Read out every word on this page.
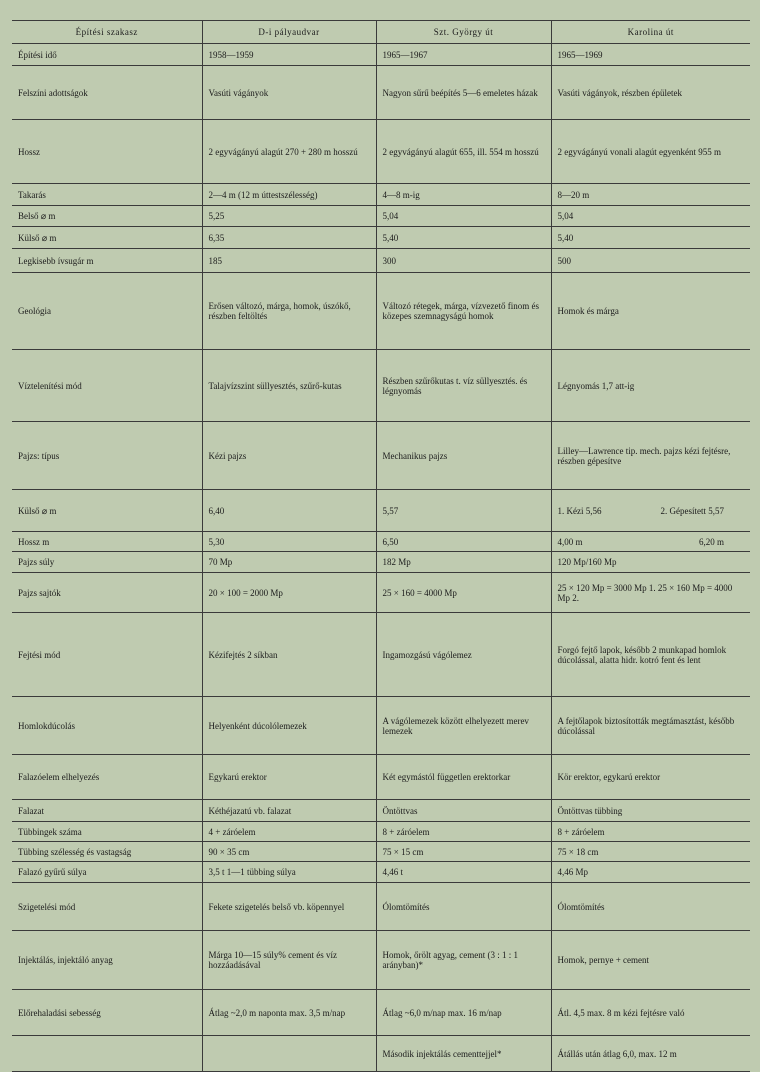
Építési szakasz	D-i pályaudvar	Szt. György út	Karolina út
Építési idő	1958—1959	1965—1967	1965—1969
Felszíni adottságok	Vasúti vágányok	Nagyon sűrű beépítés 5—6 emeletes házak	Vasúti vágányok, részben épületek
Hossz	2 egyvágányú alagút 270 + 280 m hosszú	2 egyvágányú alagút 655, ill. 554 m hosszú	2 egyvágányú vonali alagút egyenként 955 m
Takarás	2—4 m (12 m úttestszélesség)	4—8 m-ig	8—20 m
Belső ⌀ m	5,25	5,04	5,04
Külső ⌀ m	6,35	5,40	5,40
Legkisebb ívsugár m	185	300	500
Geológia	Erősen változó, márga, homok, úszókő, részben feltöltés	Változó rétegek, márga, vízvezető finom és közepes szemnagyságú homok	Homok és márga
Víztelenítési mód	Talajvízszint süllyesztés, szűrő-kutas	Részben szűrőkutas t. víz süllyesztés. és légnyomás	Légnyomás 1,7 att-ig
Pajzs: típus	Kézi pajzs	Mechanikus pajzs	Lilley—Lawrence tip. mech. pajzs kézi fejtésre, részben gépesítve
Külső ⌀ m	6,40	5,57	1. Kézi 5,56 2. Gépesített 5,57

Hossz m	5,30	6,50	4,00 m 6,20 m

Pajzs súly	70 Mp	182 Mp	120 Mp/160 Mp
Pajzs sajtók	20 × 100 = 2000 Mp	25 × 160 = 4000 Mp	25 × 120 Mp = 3000 Mp 1. 25 × 160 Mp = 4000 Mp 2.
Fejtési mód	Kézifejtés 2 síkban	Ingamozgású vágólemez	Forgó fejtő lapok, később 2 munkapad homlok dúcolással, alatta hidr. kotró fent és lent
Homlokdúcolás	Helyenként dúcolólemezek	A vágólemezek között elhelyezett merev lemezek	A fejtőlapok biztosították megtámasztást, később dúcolással
Falazóelem elhelyezés	Egykarú erektor	Két egymástól független erektorkar	Kör erektor, egykarú erektor
Falazat	Kéthéjazatú vb. falazat	Öntöttvas	Öntöttvas tübbing
Tübbingek száma	4 + záróelem	8 + záróelem	8 + záróelem
Tübbing szélesség és vastagság	90 × 35 cm	75 × 15 cm	75 × 18 cm
Falazó gyűrű súlya	3,5 t 1—1 tübbing súlya	4,46 t	4,46 Mp
Szigetelési mód	Fekete szigetelés belső vb. köpennyel	Ólomtömítés	Ólomtömítés
Injektálás, injektáló anyag	Márga 10—15 súly% cement és víz hozzáadásával	Homok, őrölt agyag, cement (3 : 1 : 1 arányban)*	Homok, pernye + cement
Előrehaladási sebesség	Átlag ~2,0 m naponta max. 3,5 m/nap	Átlag ~6,0 m/nap max. 16 m/nap	Átl. 4,5 max. 8 m kézi fejtésre való
		Második injektálás cementtejjel*	Átállás után átlag 6,0, max. 12 m
